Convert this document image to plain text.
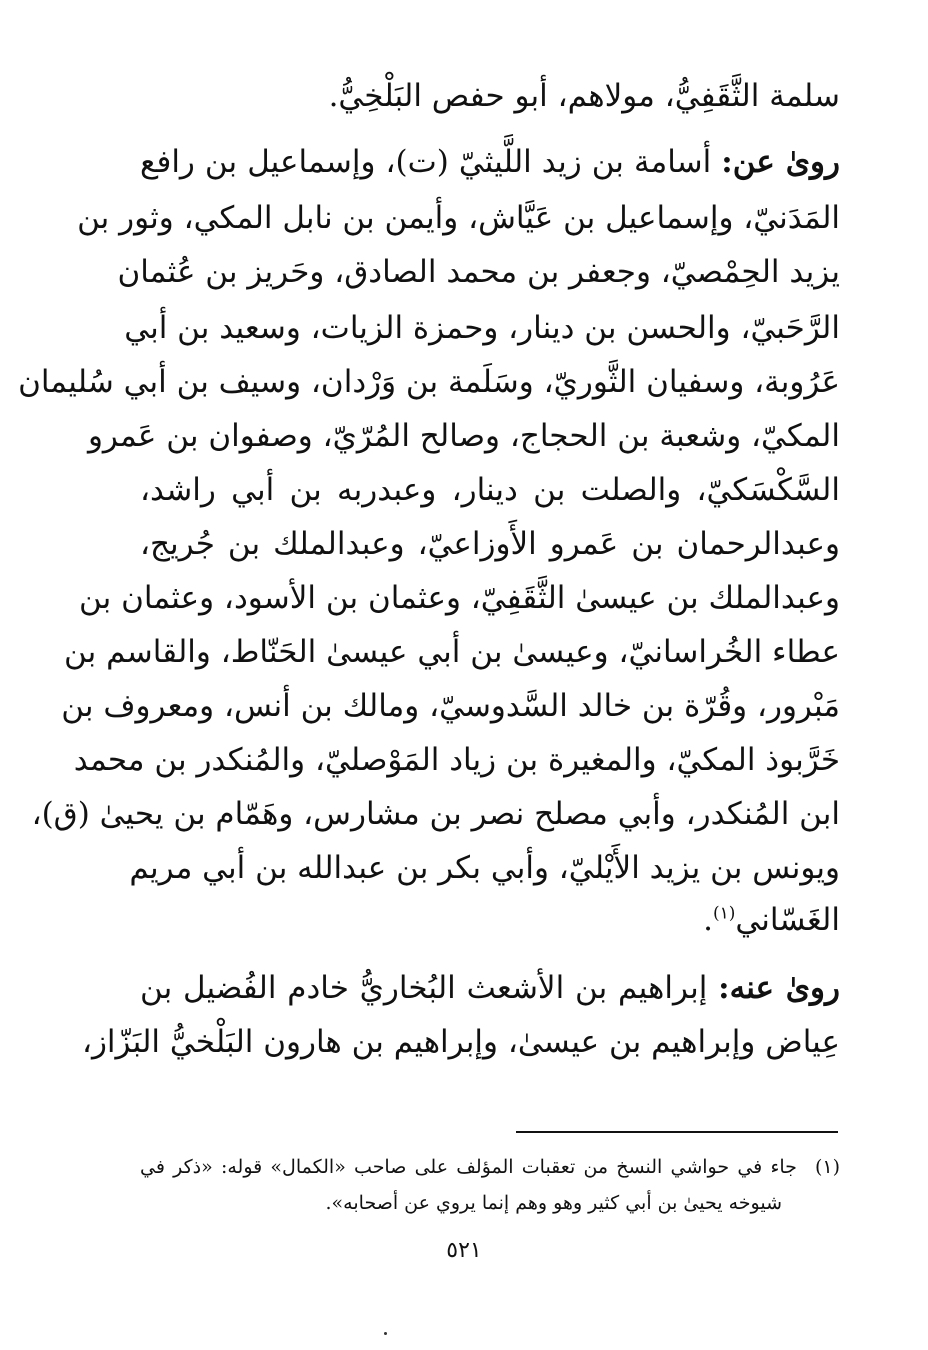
سلمة الثَّقَفِيُّ، مولاهم، أبو حفص البَلْخِيُّ.
روىٰ عن: أسامة بن زيد اللَّيثيّ (ت)، وإسماعيل بن رافع
المَدَنيّ، وإسماعيل بن عَيَّاش، وأيمن بن نابل المكي، وثور بن
يزيد الحِمْصيّ، وجعفر بن محمد الصادق، وحَريز بن عُثمان
الرَّحَبيّ، والحسن بن دينار، وحمزة الزيات، وسعيد بن أبي
عَرُوبة، وسفيان الثَّوريّ، وسَلَمة بن وَرْدان، وسيف بن أبي سُليمان
المكيّ، وشعبة بن الحجاج، وصالح المُرّيّ، وصفوان بن عَمرو
السَّكْسَكيّ، والصلت بن دينار، وعبدربه بن أبي راشد،
وعبدالرحمان بن عَمرو الأَوزاعيّ، وعبدالملك بن جُريج،
وعبدالملك بن عيسىٰ الثَّقَفِيّ، وعثمان بن الأسود، وعثمان بن
عطاء الخُراسانيّ، وعيسىٰ بن أبي عيسىٰ الحَنّاط، والقاسم بن
مَبْرور، وقُرّة بن خالد السَّدوسيّ، ومالك بن أنس، ومعروف بن
خَرَّبوذ المكيّ، والمغيرة بن زياد المَوْصليّ، والمُنكدر بن محمد
ابن المُنكدر، وأبي مصلح نصر بن مشارس، وهَمّام بن يحيىٰ (ق)،
ويونس بن يزيد الأَيْليّ، وأبي بكر بن عبدالله بن أبي مريم
الغَسّاني$^{(١)}$.
روىٰ عنه: إبراهيم بن الأشعث البُخاريُّ خادم الفُضيل بن
عِياض وإبراهيم بن عيسىٰ، وإبراهيم بن هارون البَلْخيُّ البَزّاز،
(١)جاء في حواشي النسخ من تعقبات المؤلف على صاحب «الكمال» قوله: «ذكر في
شيوخه يحيىٰ بن أبي كثير وهو وهم إنما يروي عن أصحابه».
٥٢١
